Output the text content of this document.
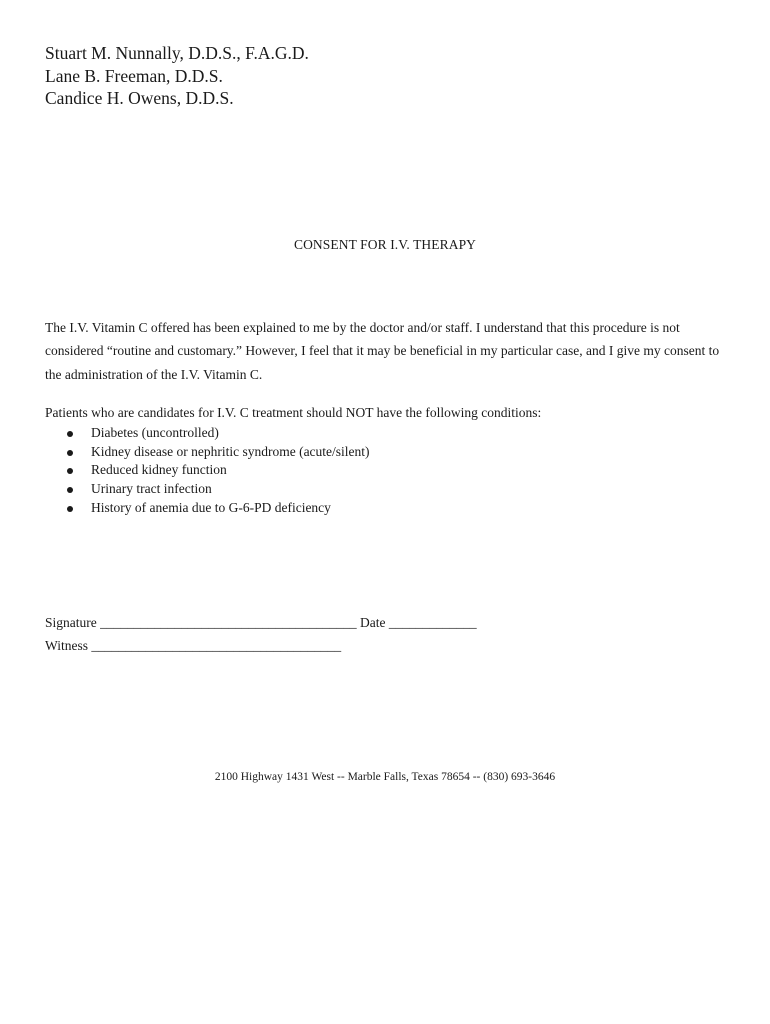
Stuart M. Nunnally, D.D.S., F.A.G.D.
Lane B. Freeman, D.D.S.
Candice H. Owens, D.D.S.
CONSENT FOR I.V. THERAPY

The I.V. Vitamin C offered has been explained to me by the doctor and/or staff. I understand that this procedure is not considered “routine and customary.” However, I feel that it may be beneficial in my particular case, and I give my consent to the administration of the I.V. Vitamin C.

Patients who are candidates for I.V. C treatment should NOT have the following conditions:
Diabetes (uncontrolled)
Kidney disease or nephritic syndrome (acute/silent)
Reduced kidney function
Urinary tract infection
History of anemia due to G-6-PD deficiency
Signature ______________________________________ Date _____________
Witness _____________________________________
2100 Highway 1431 West -- Marble Falls, Texas 78654 -- (830) 693-3646
